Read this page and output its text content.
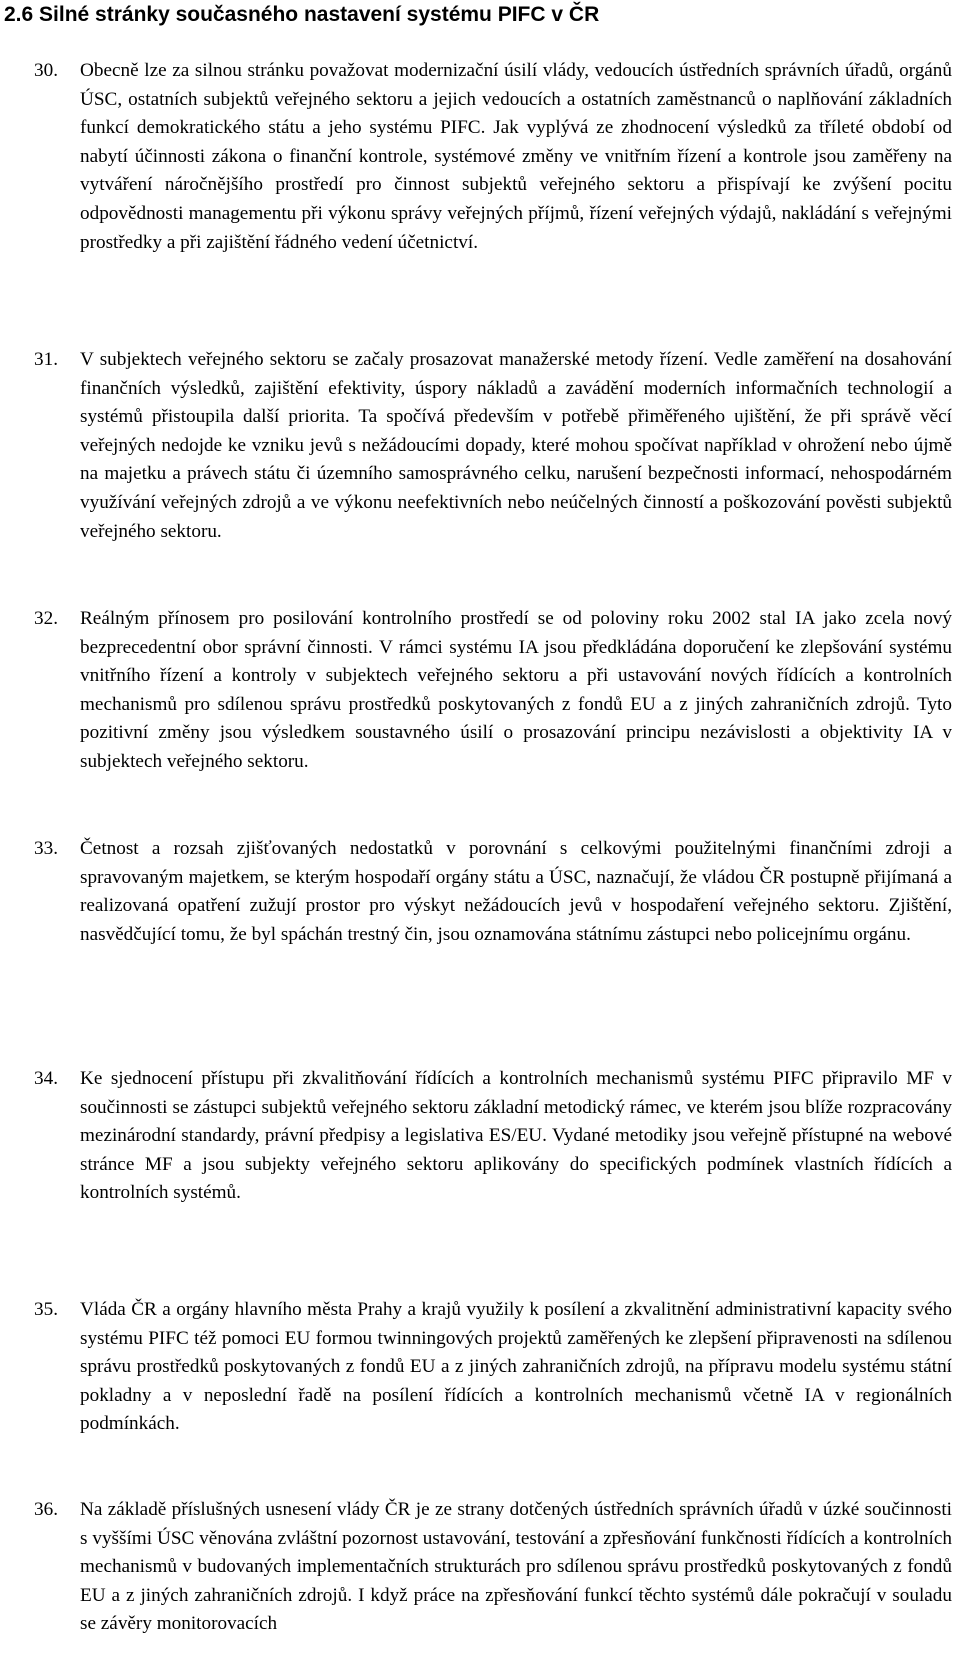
2.6 Silné stránky současného nastavení systému PIFC v ČR

30.	Obecně lze za silnou stránku považovat modernizační úsilí vlády, vedoucích ústředních správních úřadů, orgánů ÚSC, ostatních subjektů veřejného sektoru a jejich vedoucích a ostatních zaměstnanců o naplňování základních funkcí demokratického státu a jeho systému PIFC. Jak vyplývá ze zhodnocení výsledků za tříleté období od nabytí účinnosti zákona o finanční kontrole, systémové změny ve vnitřním řízení a kontrole jsou zaměřeny na vytváření náročnějšího prostředí pro činnost subjektů veřejného sektoru a přispívají ke zvýšení pocitu odpovědnosti managementu při výkonu správy veřejných příjmů, řízení veřejných výdajů, nakládání s veřejnými prostředky a při zajištění řádného vedení účetnictví.

31.	V subjektech veřejného sektoru se začaly prosazovat manažerské metody řízení. Vedle zaměření na dosahování finančních výsledků, zajištění efektivity, úspory nákladů a zavádění moderních informačních technologií a systémů přistoupila další priorita. Ta spočívá především v potřebě přiměřeného ujištění, že při správě věcí veřejných nedojde ke vzniku jevů s nežádoucími dopady, které mohou spočívat například v ohrožení nebo újmě na majetku a právech státu či územního samosprávného celku, narušení bezpečnosti informací, nehospodárném využívání veřejných zdrojů a ve výkonu neefektivních nebo neúčelných činností a poškozování pověsti subjektů veřejného sektoru.

32.	Reálným přínosem pro posilování kontrolního prostředí se od poloviny roku 2002 stal IA jako zcela nový bezprecedentní obor správní činnosti. V rámci systému IA jsou předkládána doporučení ke zlepšování systému vnitřního řízení a kontroly v subjektech veřejného sektoru a při ustavování nových řídících a kontrolních mechanismů pro sdílenou správu prostředků poskytovaných z fondů EU a z jiných zahraničních zdrojů. Tyto pozitivní změny jsou výsledkem soustavného úsilí o prosazování principu nezávislosti a objektivity IA v subjektech veřejného sektoru.

33.	Četnost a rozsah zjišťovaných nedostatků v porovnání s celkovými použitelnými finančními zdroji a spravovaným majetkem, se kterým hospodaří orgány státu a ÚSC, naznačují, že vládou ČR postupně přijímaná a realizovaná opatření zužují prostor pro výskyt nežádoucích jevů v hospodaření veřejného sektoru. Zjištění, nasvědčující tomu, že byl spáchán trestný čin, jsou oznamována státnímu zástupci nebo policejnímu orgánu.

34.	Ke sjednocení přístupu při zkvalitňování řídících a kontrolních mechanismů systému PIFC připravilo MF v součinnosti se zástupci subjektů veřejného sektoru základní metodický rámec, ve kterém jsou blíže rozpracovány mezinárodní standardy, právní předpisy a legislativa ES/EU. Vydané metodiky jsou veřejně přístupné na webové stránce MF a jsou subjekty veřejného sektoru aplikovány do specifických podmínek vlastních řídících a kontrolních systémů.

35.	Vláda ČR a orgány hlavního města Prahy a krajů využily k posílení a zkvalitnění administrativní kapacity svého systému PIFC též pomoci EU formou twinningových projektů zaměřených ke zlepšení připravenosti na sdílenou správu prostředků poskytovaných z fondů EU a z jiných zahraničních zdrojů, na přípravu modelu systému státní pokladny a v neposlední řadě na posílení řídících a kontrolních mechanismů včetně IA v regionálních podmínkách.

36.	Na základě příslušných usnesení vlády ČR je ze strany dotčených ústředních správních úřadů v úzké součinnosti s vyššími ÚSC věnována zvláštní pozornost ustavování, testování a zpřesňování funkčnosti řídících a kontrolních mechanismů v budovaných implementačních strukturách pro sdílenou správu prostředků poskytovaných z fondů EU a z jiných zahraničních zdrojů. I když práce na zpřesňování funkcí těchto systémů dále pokračují v souladu se závěry monitorovacích
